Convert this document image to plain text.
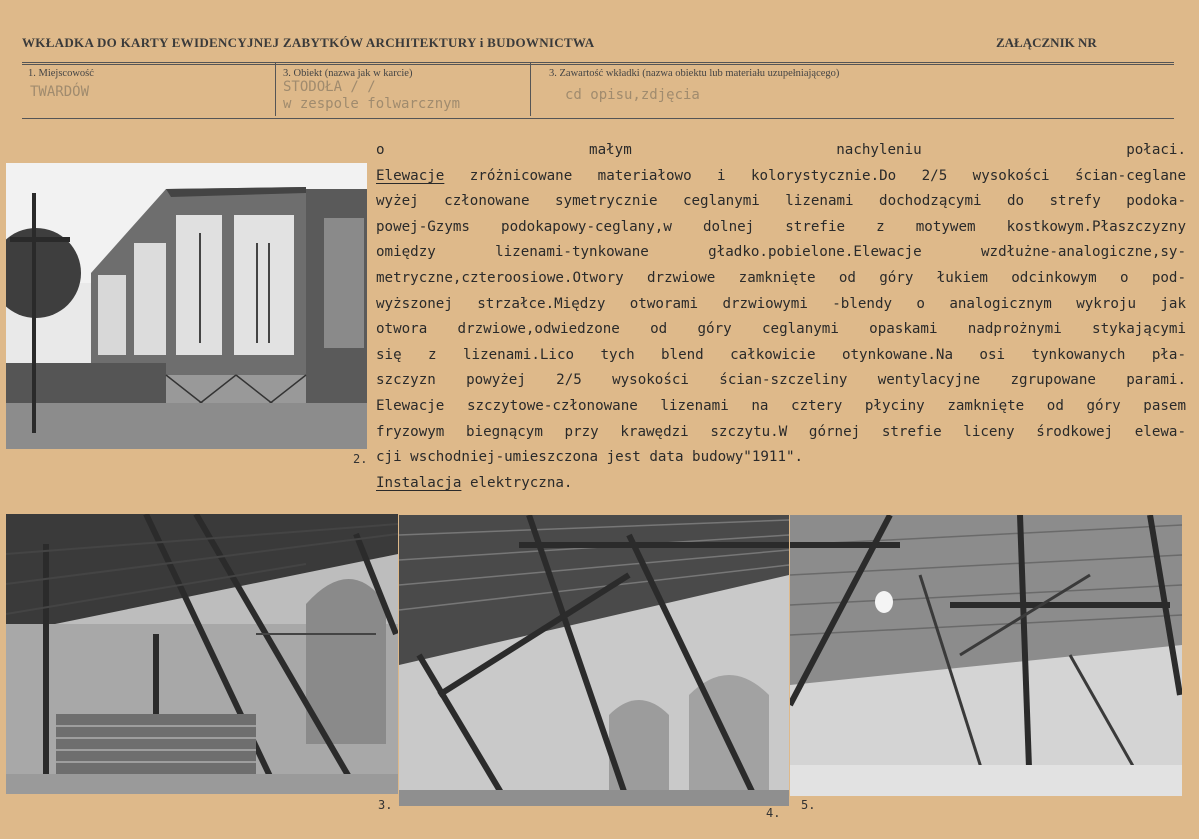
WKŁADKA DO KARTY EWIDENCYJNEJ ZABYTKÓW ARCHITEKTURY i BUDOWNICTWA	ZAŁĄCZNIK NR
1. Miejscowość
TWARDÓW
3. Obiekt (nazwa jak w karcie)
STODOŁA / /
w zespole folwarcznym
3. Zawartość wkładki (nazwa obiektu lub materiału uzupełniającego)
cd opisu,zdjęcia
2.
o małym nachyleniu połaci.
Elewacje zróżnicowane materiałowo i kolorystycznie.Do 2/5 wysokości ścian-ceglane
wyżej członowane symetrycznie ceglanymi lizenami dochodzącymi do strefy podoka-
powej-Gzyms podokapowy-ceglany,w dolnej strefie z motywem kostkowym.Płaszczyzny
omiędzy  lizenami-tynkowane  gładko.pobielone.Elewacje  wzdłużne-analogiczne,sy-
metryczne,czteroosiowe.Otwory drzwiowe zamknięte od góry łukiem odcinkowym o pod-
wyższonej strzałce.Między otworami drzwiowymi -blendy o analogicznym wykroju jak
otwora drzwiowe,odwiedzone od góry ceglanymi opaskami nadprożnymi stykającymi
się z lizenami.Lico tych blend całkowicie otynkowane.Na osi tynkowanych pła-
szczyzn powyżej 2/5 wysokości ścian-szczeliny wentylacyjne zgrupowane parami.
Elewacje szczytowe-członowane lizenami na cztery płyciny zamknięte od góry pasem
fryzowym biegnącym przy krawędzi szczytu.W górnej strefie liceny środkowej elewa-
cji wschodniej-umieszczona jest data budowy"1911".
Instalacja elektryczna.
3.
4.
5.
